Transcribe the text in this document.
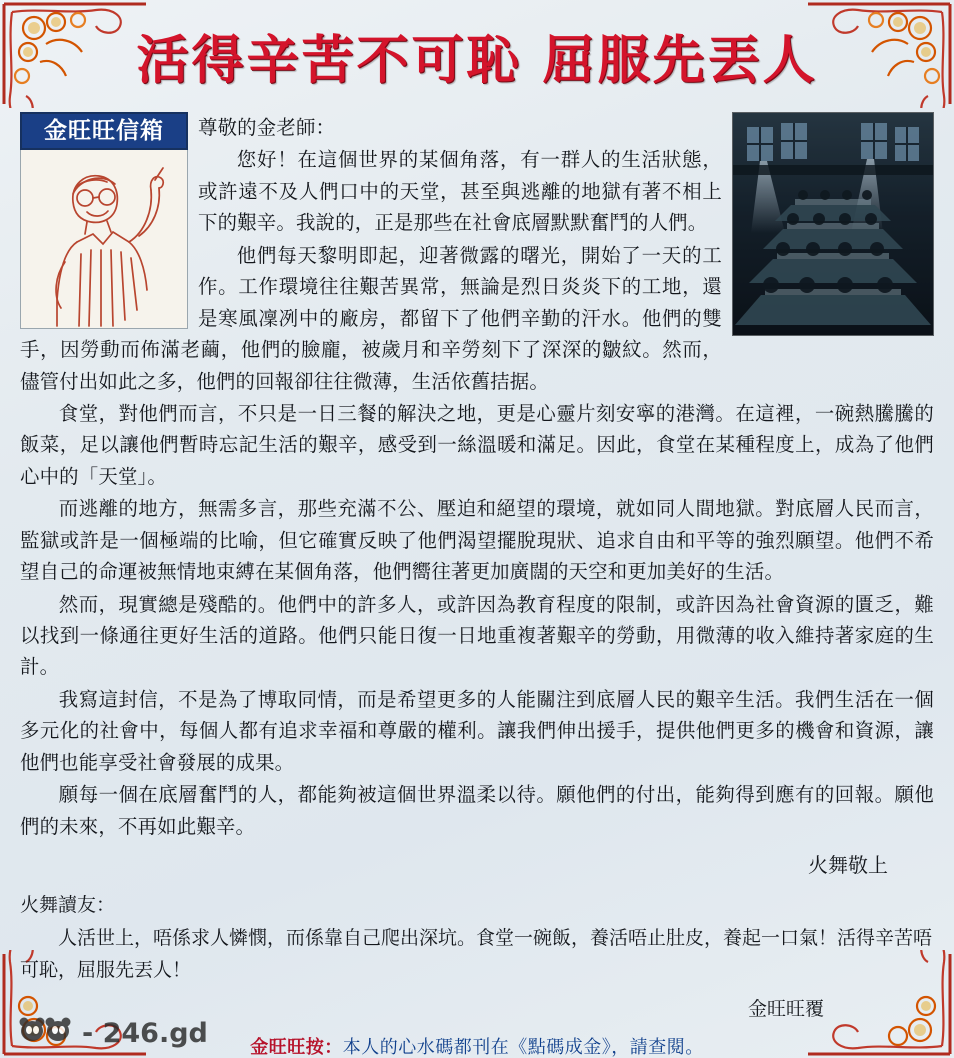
活得辛苦不可恥 屈服先丟人
金旺旺信箱	尊敬的金老師：

您好！在這個世界的某個角落，有一群人的生活狀態，或許遠不及人們口中的天堂，甚至與逃離的地獄有著不相上下的艱辛。我說的，正是那些在社會底層默默奮鬥的人們。

他們每天黎明即起，迎著微露的曙光，開始了一天的工作。工作環境往往艱苦異常，無論是烈日炎炎下的工地，還是寒風凜冽中的廠房，都留下了他們辛勤的汗水。他們的雙手，因勞動而佈滿老繭，他們的臉龐，被歲月和辛勞刻下了深深的皺紋。然而，儘管付出如此之多，他們的回報卻往往微薄，生活依舊拮据。

食堂，對他們而言，不只是一日三餐的解決之地，更是心靈片刻安寧的港灣。在這裡，一碗熱騰騰的飯菜，足以讓他們暫時忘記生活的艱辛，感受到一絲溫暖和滿足。因此，食堂在某種程度上，成為了他們心中的「天堂」。

而逃離的地方，無需多言，那些充滿不公、壓迫和絕望的環境，就如同人間地獄。對底層人民而言，監獄或許是一個極端的比喻，但它確實反映了他們渴望擺脫現狀、追求自由和平等的強烈願望。他們不希望自己的命運被無情地束縛在某個角落，他們嚮往著更加廣闊的天空和更加美好的生活。

然而，現實總是殘酷的。他們中的許多人，或許因為教育程度的限制，或許因為社會資源的匱乏，難以找到一條通往更好生活的道路。他們只能日復一日地重複著艱辛的勞動，用微薄的收入維持著家庭的生計。

我寫這封信，不是為了博取同情，而是希望更多的人能關注到底層人民的艱辛生活。我們生活在一個多元化的社會中，每個人都有追求幸福和尊嚴的權利。讓我們伸出援手，提供他們更多的機會和資源，讓他們也能享受社會發展的成果。

願每一個在底層奮鬥的人，都能夠被這個世界溫柔以待。願他們的付出，能夠得到應有的回報。願他們的未來，不再如此艱辛。

火舞敬上
火舞讀友：
人活世上，唔係求人憐憫，而係靠自己爬出深坑。食堂一碗飯，養活唔止肚皮，養起一口氣！活得辛苦唔可恥，屈服先丟人！
金旺旺覆
金旺旺按：本人的心水碼都刊在《點碼成金》，請查閱。
- 246.gd
